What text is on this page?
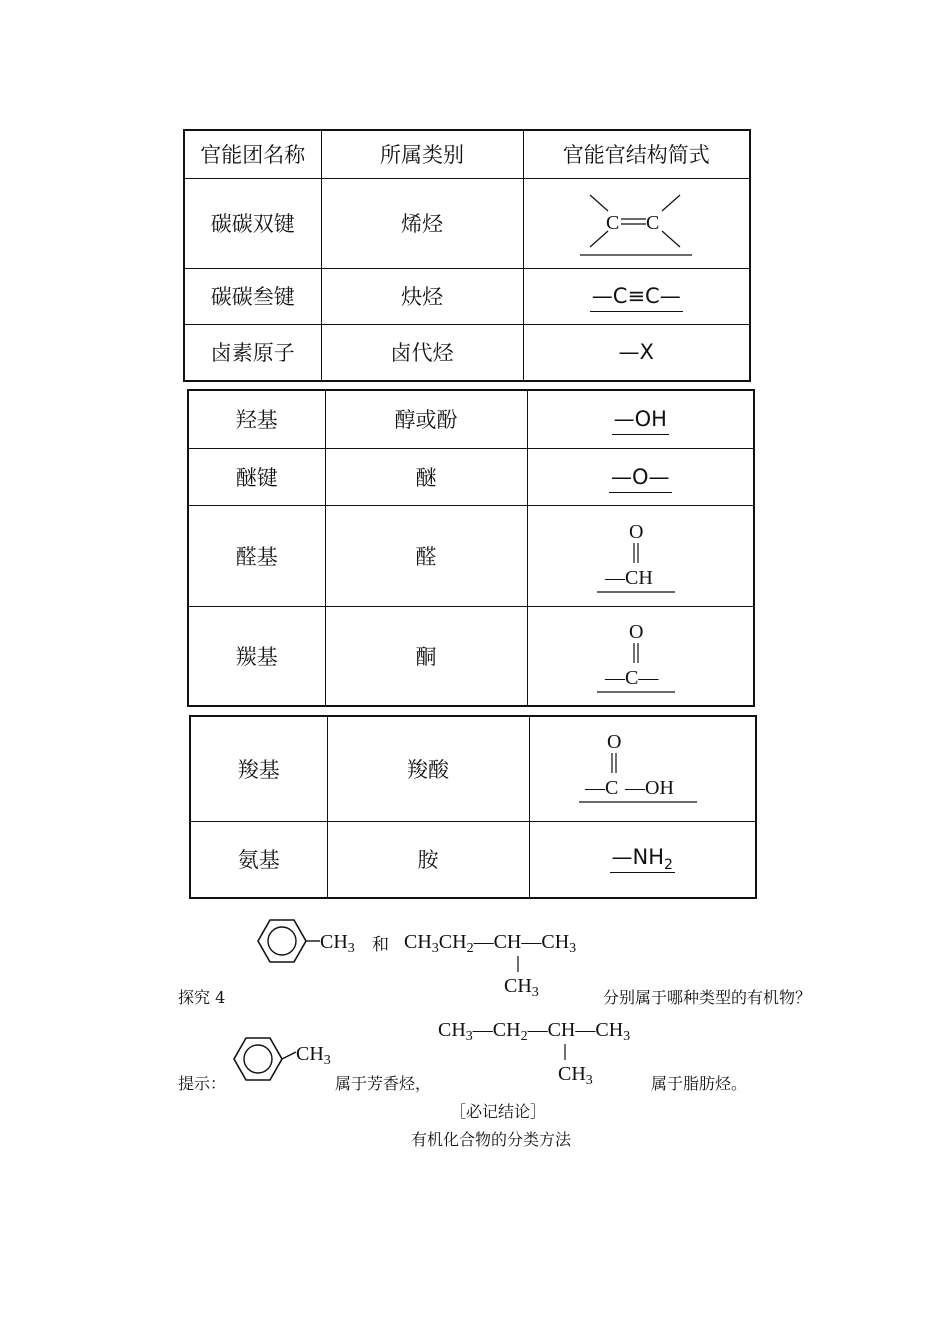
官能团名称	所属类别	官能官结构简式
碳碳双键	烯烃	C C

碳碳叁键	炔烃	—C≡C—
卤素原子	卤代烃	—X
羟基	醇或酚	—OH
醚键	醚	—O—
醛基	醛	O
—CH

羰基	酮	O
—C—
羧基	羧酸	O
—C —OH

氨基	胺	$—NH_2$
$CH_3$ 和 $CH_3CH_2—CH—CH_3$
$CH_3$
探究 4	分别属于哪种类型的有机物？
$CH_3$
$CH_3—CH_2—CH—CH_3$
$CH_3$
提示：	属于芳香烃，	属于脂肪烃。
［必记结论］
有机化合物的分类方法
